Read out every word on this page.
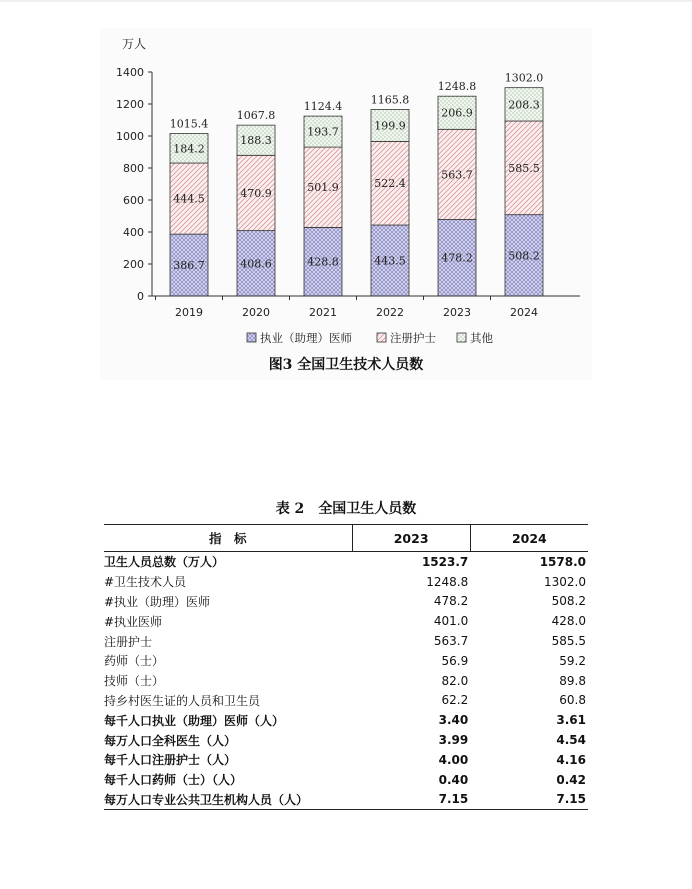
万人
0
200
400
600
800
1000
1200
1400
386.7
444.5
184.2
1015.4
408.6
470.9
188.3
1067.8
428.8
501.9
193.7
1124.4
443.5
522.4
199.9
1165.8
478.2
563.7
206.9
1248.8
508.2
585.5
208.3
1302.0
2019	2020	2021	2022	2023	2024
执业（助理）医师	注册护士	其他
图3 全国卫生技术人员数
表 2 全国卫生人员数
指　标	2023	2024
卫生人员总数（万人）	1523.7	1578.0
#卫生技术人员	1248.8	1302.0
#执业（助理）医师	478.2	508.2
#执业医师	401.0	428.0
注册护士	563.7	585.5
药师（士）	56.9	59.2
技师（士）	82.0	89.8
持乡村医生证的人员和卫生员	62.2	60.8
每千人口执业（助理）医师（人）	3.40	3.61
每万人口全科医生（人）	3.99	4.54
每千人口注册护士（人）	4.00	4.16
每千人口药师（士）（人）	0.40	0.42
每万人口专业公共卫生机构人员（人）	7.15	7.15
